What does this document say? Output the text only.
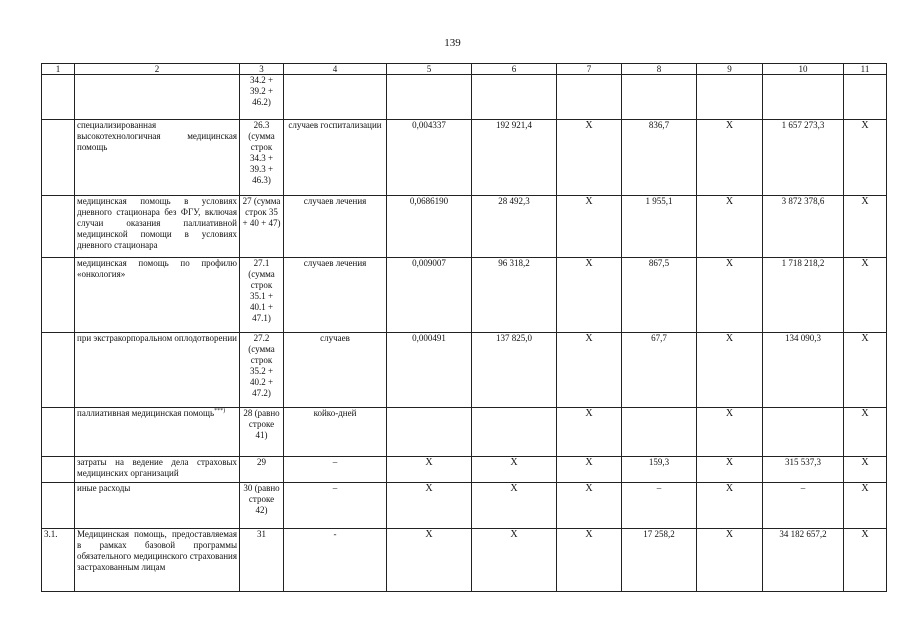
139
1	2	3	4	5	6	7	8	9	10	11
		34.2 + 39.2 + 46.2)								
	специализированная высокотехнологичная медицинская помощь	26.3 (сумма строк 34.3 + 39.3 + 46.3)	случаев госпитализации	0,004337	192 921,4	Х	836,7	Х	1 657 273,3	Х
	медицинская помощь в условиях дневного стационара без ФГУ, включая случаи оказания паллиативной медицинской помощи в условиях дневного стационара	27 (сумма строк 35 + 40 + 47)	случаев лечения	0,0686190	28 492,3	Х	1 955,1	Х	3 872 378,6	Х
	медицинская помощь по профилю «онкология»	27.1 (сумма строк 35.1 + 40.1 + 47.1)	случаев лечения	0,009007	96 318,2	Х	867,5	Х	1 718 218,2	Х
	при экстракорпоральном оплодотворении	27.2 (сумма строк 35.2 + 40.2 + 47.2)	случаев	0,000491	137 825,0	Х	67,7	Х	134 090,3	Х
	паллиативная медицинская помощь***)	28 (равно строке 41)	койко-дней			Х		Х		Х
	затраты на ведение дела страховых медицинских организаций	29	–	Х	Х	Х	159,3	Х	315 537,3	Х
	иные расходы	30 (равно строке 42)	–	Х	Х	Х	–	Х	–	Х
3.1.	Медицинская помощь, предоставляемая в рамках базовой программы обязательного медицинского страхования застрахованным лицам	31	-	Х	Х	Х	17 258,2	Х	34 182 657,2	Х
